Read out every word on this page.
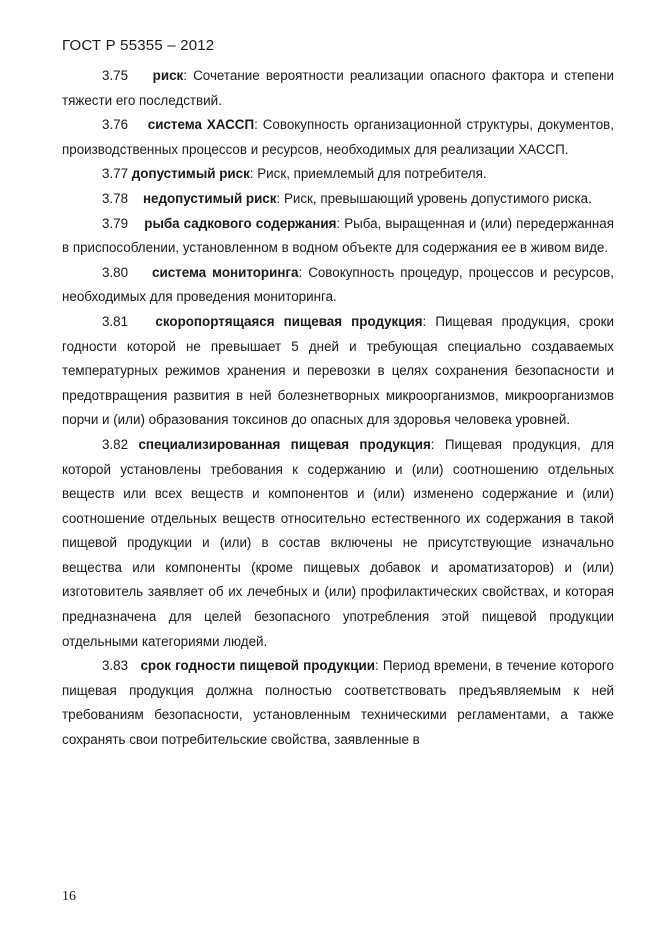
ГОСТ Р 55355 – 2012

3.75 риск: Сочетание вероятности реализации опасного фактора и степени тяжести его последствий.

3.76 система ХАССП: Совокупность организационной структуры, документов, производственных процессов и ресурсов, необходимых для реализации ХАССП.

3.77 допустимый риск: Риск, приемлемый для потребителя.

3.78 недопустимый риск: Риск, превышающий уровень допустимого риска.

3.79 рыба садкового содержания: Рыба, выращенная и (или) передержанная в приспособлении, установленном в водном объекте для содержания ее в живом виде.

3.80 система мониторинга: Совокупность процедур, процессов и ресурсов, необходимых для проведения мониторинга.

3.81 скоропортящаяся пищевая продукция: Пищевая продукция, сроки годности которой не превышает 5 дней и требующая специально создаваемых температурных режимов хранения и перевозки в целях сохранения безопасности и предотвращения развития в ней болезнетворных микроорганизмов, микроорганизмов порчи и (или) образования токсинов до опасных для здоровья человека уровней.

3.82 специализированная пищевая продукция: Пищевая продукция, для которой установлены требования к содержанию и (или) соотношению отдельных веществ или всех веществ и компонентов и (или) изменено содержание и (или) соотношение отдельных веществ относительно естественного их содержания в такой пищевой продукции и (или) в состав включены не присутствующие изначально вещества или компоненты (кроме пищевых добавок и ароматизаторов) и (или) изготовитель заявляет об их лечебных и (или) профилактических свойствах, и которая предназначена для целей безопасного употребления этой пищевой продукции отдельными категориями людей.

3.83 срок годности пищевой продукции: Период времени, в течение которого пищевая продукция должна полностью соответствовать предъявляемым к ней требованиям безопасности, установленным техническими регламентами, а также сохранять свои потребительские свойства, заявленные в

16
